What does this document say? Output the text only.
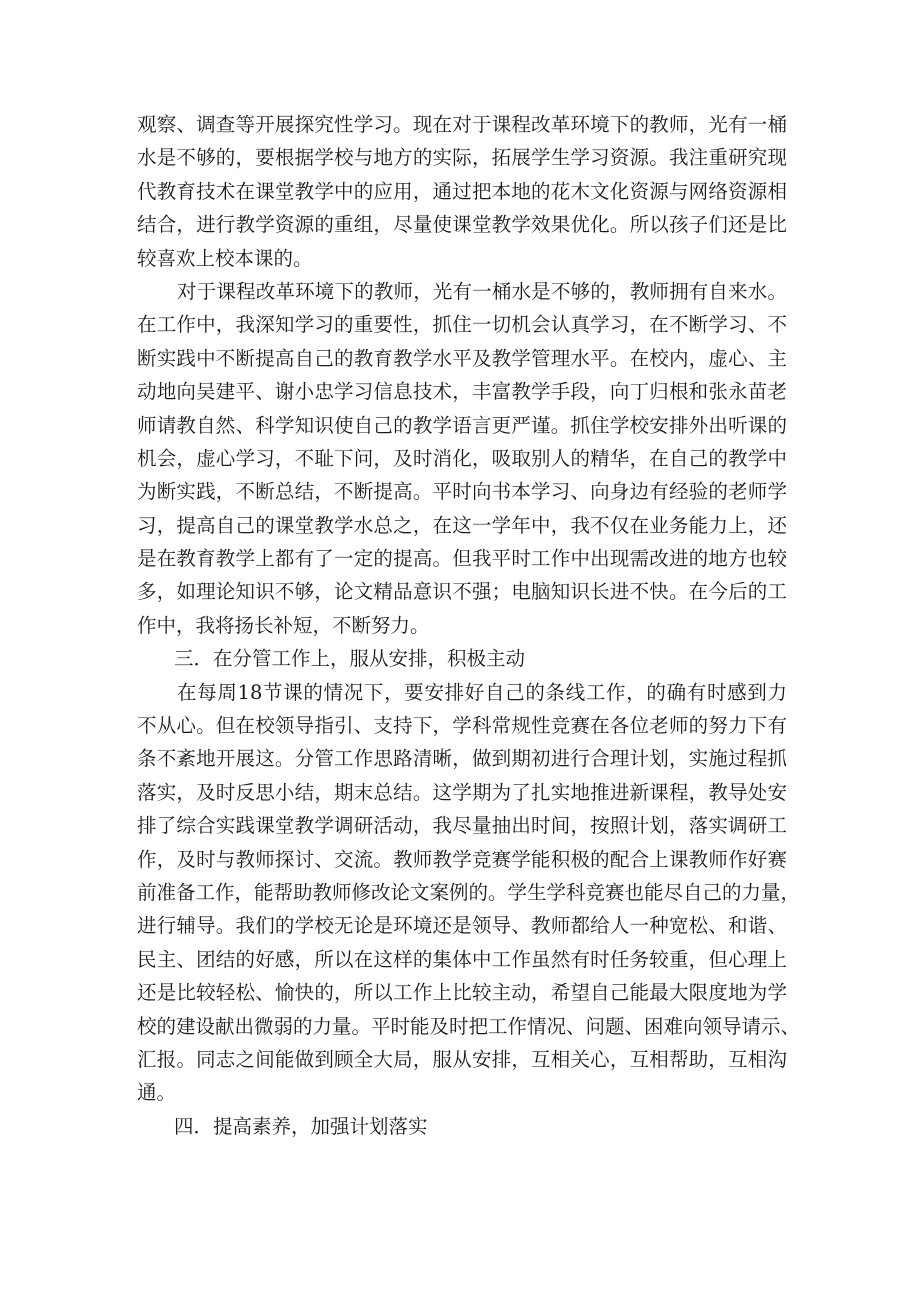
观察、调查等开展探究性学习。现在对于课程改革环境下的教师，光有一桶
水是不够的，要根据学校与地方的实际，拓展学生学习资源。我注重研究现
代教育技术在课堂教学中的应用，通过把本地的花木文化资源与网络资源相
结合，进行教学资源的重组，尽量使课堂教学效果优化。所以孩子们还是比
较喜欢上校本课的。
对于课程改革环境下的教师，光有一桶水是不够的，教师拥有自来水。
在工作中，我深知学习的重要性，抓住一切机会认真学习，在不断学习、不
断实践中不断提高自己的教育教学水平及教学管理水平。在校内，虚心、主
动地向吴建平、谢小忠学习信息技术，丰富教学手段，向丁归根和张永苗老
师请教自然、科学知识使自己的教学语言更严谨。抓住学校安排外出听课的
机会，虚心学习，不耻下问，及时消化，吸取别人的精华，在自己的教学中
为断实践，不断总结，不断提高。平时向书本学习、向身边有经验的老师学
习，提高自己的课堂教学水总之，在这一学年中，我不仅在业务能力上，还
是在教育教学上都有了一定的提高。但我平时工作中出现需改进的地方也较
多，如理论知识不够，论文精品意识不强；电脑知识长进不快。在今后的工
作中，我将扬长补短，不断努力。
三．在分管工作上，服从安排，积极主动
在每周18节课的情况下，要安排好自己的条线工作，的确有时感到力
不从心。但在校领导指引、支持下，学科常规性竞赛在各位老师的努力下有
条不紊地开展这。分管工作思路清晰，做到期初进行合理计划，实施过程抓
落实，及时反思小结，期末总结。这学期为了扎实地推进新课程，教导处安
排了综合实践课堂教学调研活动，我尽量抽出时间，按照计划，落实调研工
作，及时与教师探讨、交流。教师教学竞赛学能积极的配合上课教师作好赛
前准备工作，能帮助教师修改论文案例的。学生学科竞赛也能尽自己的力量，
进行辅导。我们的学校无论是环境还是领导、教师都给人一种宽松、和谐、
民主、团结的好感，所以在这样的集体中工作虽然有时任务较重，但心理上
还是比较轻松、愉快的，所以工作上比较主动，希望自己能最大限度地为学
校的建设献出微弱的力量。平时能及时把工作情况、问题、困难向领导请示、
汇报。同志之间能做到顾全大局，服从安排，互相关心，互相帮助，互相沟
通。
四．提高素养，加强计划落实
